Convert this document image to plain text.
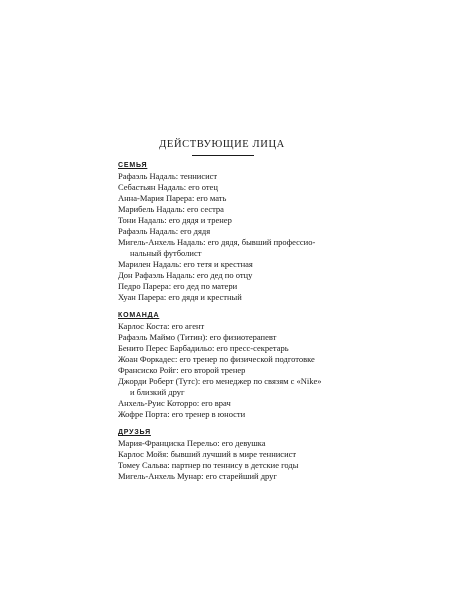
ДЕЙСТВУЮЩИЕ ЛИЦА
СЕМЬЯ
Рафаэль Надаль: теннисист
Себастьян Надаль: его отец
Анна-Мария Парера: его мать
Марибель Надаль: его сестра
Тони Надаль: его дядя и тренер
Рафаэль Надаль: его дядя
Мигель-Анхель Надаль: его дядя, бывший профессио-
нальный футболист
Марилен Надаль: его тетя и крестная
Дон Рафаэль Надаль: его дед по отцу
Педро Парера: его дед по матери
Хуан Парера: его дядя и крестный
КОМАНДА
Карлос Коста: его агент
Рафаэль Маймо (Титин): его физиотерапевт
Бенито Перес Барбадильо: его пресс-секретарь
Жоан Форкадес: его тренер по физической подготовке
Франсиско Ройг: его второй тренер
Джорди Роберт (Тутс): его менеджер по связям с «Nike»
и близкий друг
Анхель-Руис Которро: его врач
Жофре Порта: его тренер в юности
ДРУЗЬЯ
Мария-Франциска Перельо: его девушка
Карлос Мойя: бывший лучший в мире теннисист
Томеу Сальва: партнер по теннису в детские годы
Мигель-Анхель Мунар: его старейший друг
